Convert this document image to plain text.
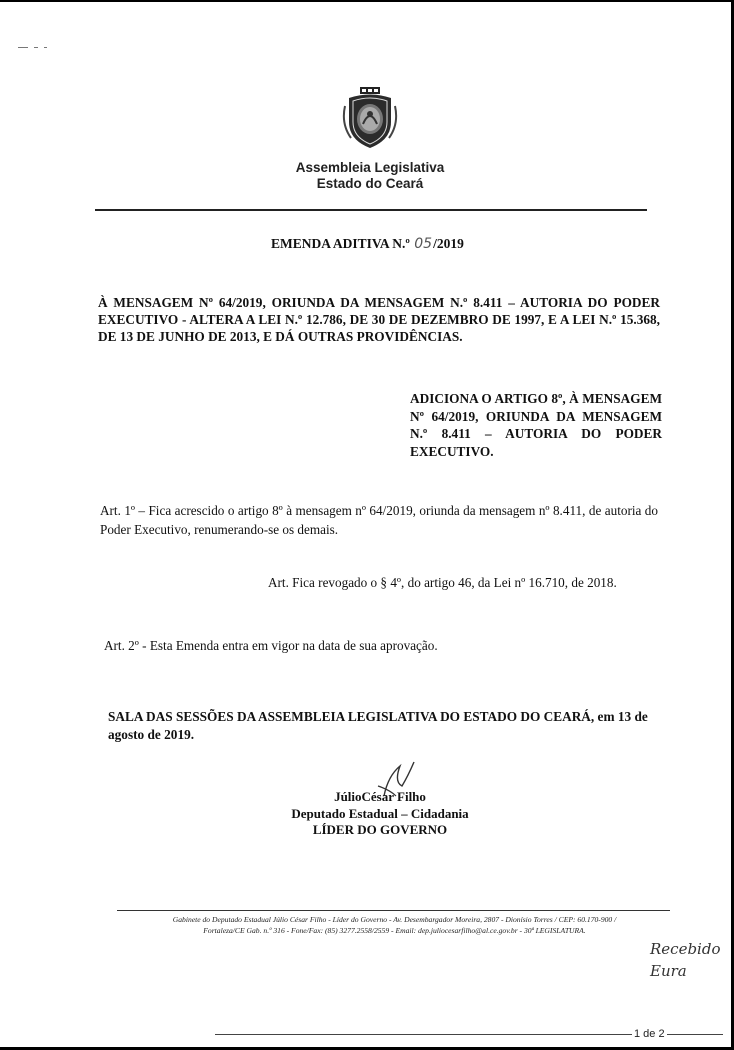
Assembleia Legislativa
Estado do Ceará
EMENDA ADITIVA N.º 05/2019
À MENSAGEM Nº 64/2019, ORIUNDA DA MENSAGEM N.º 8.411 – AUTORIA DO PODER EXECUTIVO - ALTERA A LEI N.º 12.786, DE 30 DE DEZEMBRO DE 1997, E A LEI N.º 15.368, DE 13 DE JUNHO DE 2013, E DÁ OUTRAS PROVIDÊNCIAS.
ADICIONA O ARTIGO 8º, À MENSAGEM Nº 64/2019, ORIUNDA DA MENSAGEM N.º 8.411 – AUTORIA DO PODER EXECUTIVO.
Art. 1º – Fica acrescido o artigo 8º à mensagem nº 64/2019, oriunda da mensagem nº 8.411, de autoria do Poder Executivo, renumerando-se os demais.
Art. Fica revogado o § 4º, do artigo 46, da Lei nº 16.710, de 2018.
Art. 2º - Esta Emenda entra em vigor na data de sua aprovação.
SALA DAS SESSÕES DA ASSEMBLEIA LEGISLATIVA DO ESTADO DO CEARÁ, em 13 de agosto de 2019.
JúlioCésar Filho
Deputado Estadual – Cidadania
LÍDER DO GOVERNO
Gabinete do Deputado Estadual Júlio César Filho - Líder do Governo - Av. Desembargador Moreira, 2807 - Dionísio Torres / CEP: 60.170-900 /
Fortaleza/CE Gab. n.º 316 - Fone/Fax: (85) 3277.2558/2559 - Email: dep.juliocesarfilho@al.ce.gov.br - 30ª LEGISLATURA.
Recebido
Eura
1 de 2
